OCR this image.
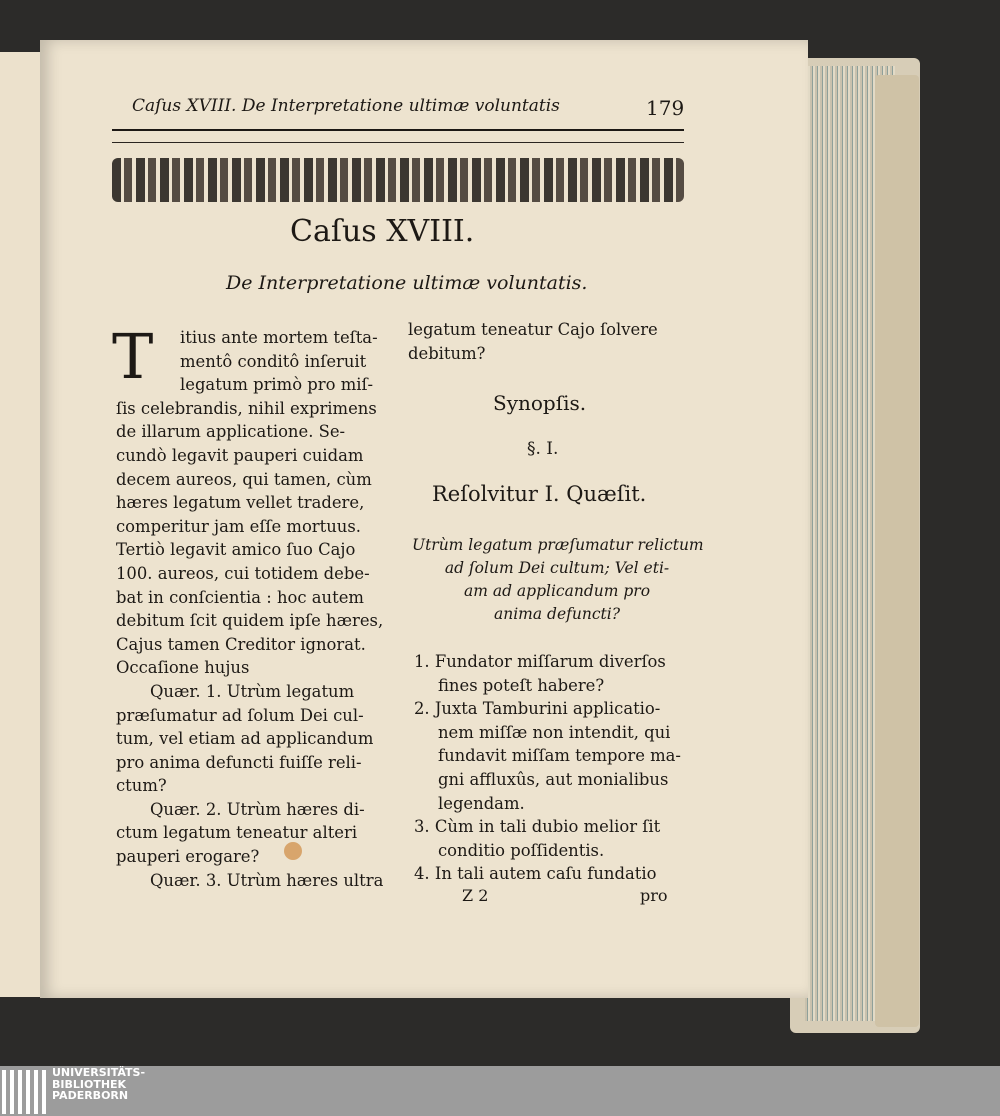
Caſus XVIII. De Interpretatione ultimæ voluntatis	179
Caſus XVIII.
De Interpretatione ultimæ voluntatis.
T	itius ante mortem teſta-
mentô conditô inſeruit
legatum primò pro miſ-
ſis celebrandis, nihil exprimens
de illarum applicatione. Se-
cundò legavit pauperi cuidam
decem aureos, qui tamen, cùm
hæres legatum vellet tradere,
comperitur jam eſſe mortuus.
Tertiò legavit amico ſuo Cajo
100. aureos, cui totidem debe-
bat in conſcientia : hoc autem
debitum ſcit quidem ipſe hæres,
Cajus tamen Creditor ignorat.
Occaſione hujus
Quær. 1. Utrùm legatum
præſumatur ad ſolum Dei cul-
tum, vel etiam ad applicandum
pro anima defuncti fuiſſe reli-
ctum?
Quær. 2. Utrùm hæres di-
ctum legatum teneatur alteri
pauperi erogare?
Quær. 3. Utrùm hæres ultra
legatum teneatur Cajo ſolvere
debitum?
Synopſis.
§. I.
Reſolvitur I. Quæſit.
Utrùm legatum præſumatur relictum
ad ſolum Dei cultum; Vel eti-
am ad applicandum pro
anima defuncti?
1. Fundator miſſarum diverſos
fines poteſt habere?
2. Juxta Tamburini applicatio-
nem miſſæ non intendit, qui
fundavit miſſam tempore ma-
gni affluxûs, aut monialibus
legendam.
3. Cùm in tali dubio melior ſit
conditio poſſidentis.
4. In tali autem caſu fundatio
Z 2	pro
UNIVERSITÄTS-
BIBLIOTHEK
PADERBORN
